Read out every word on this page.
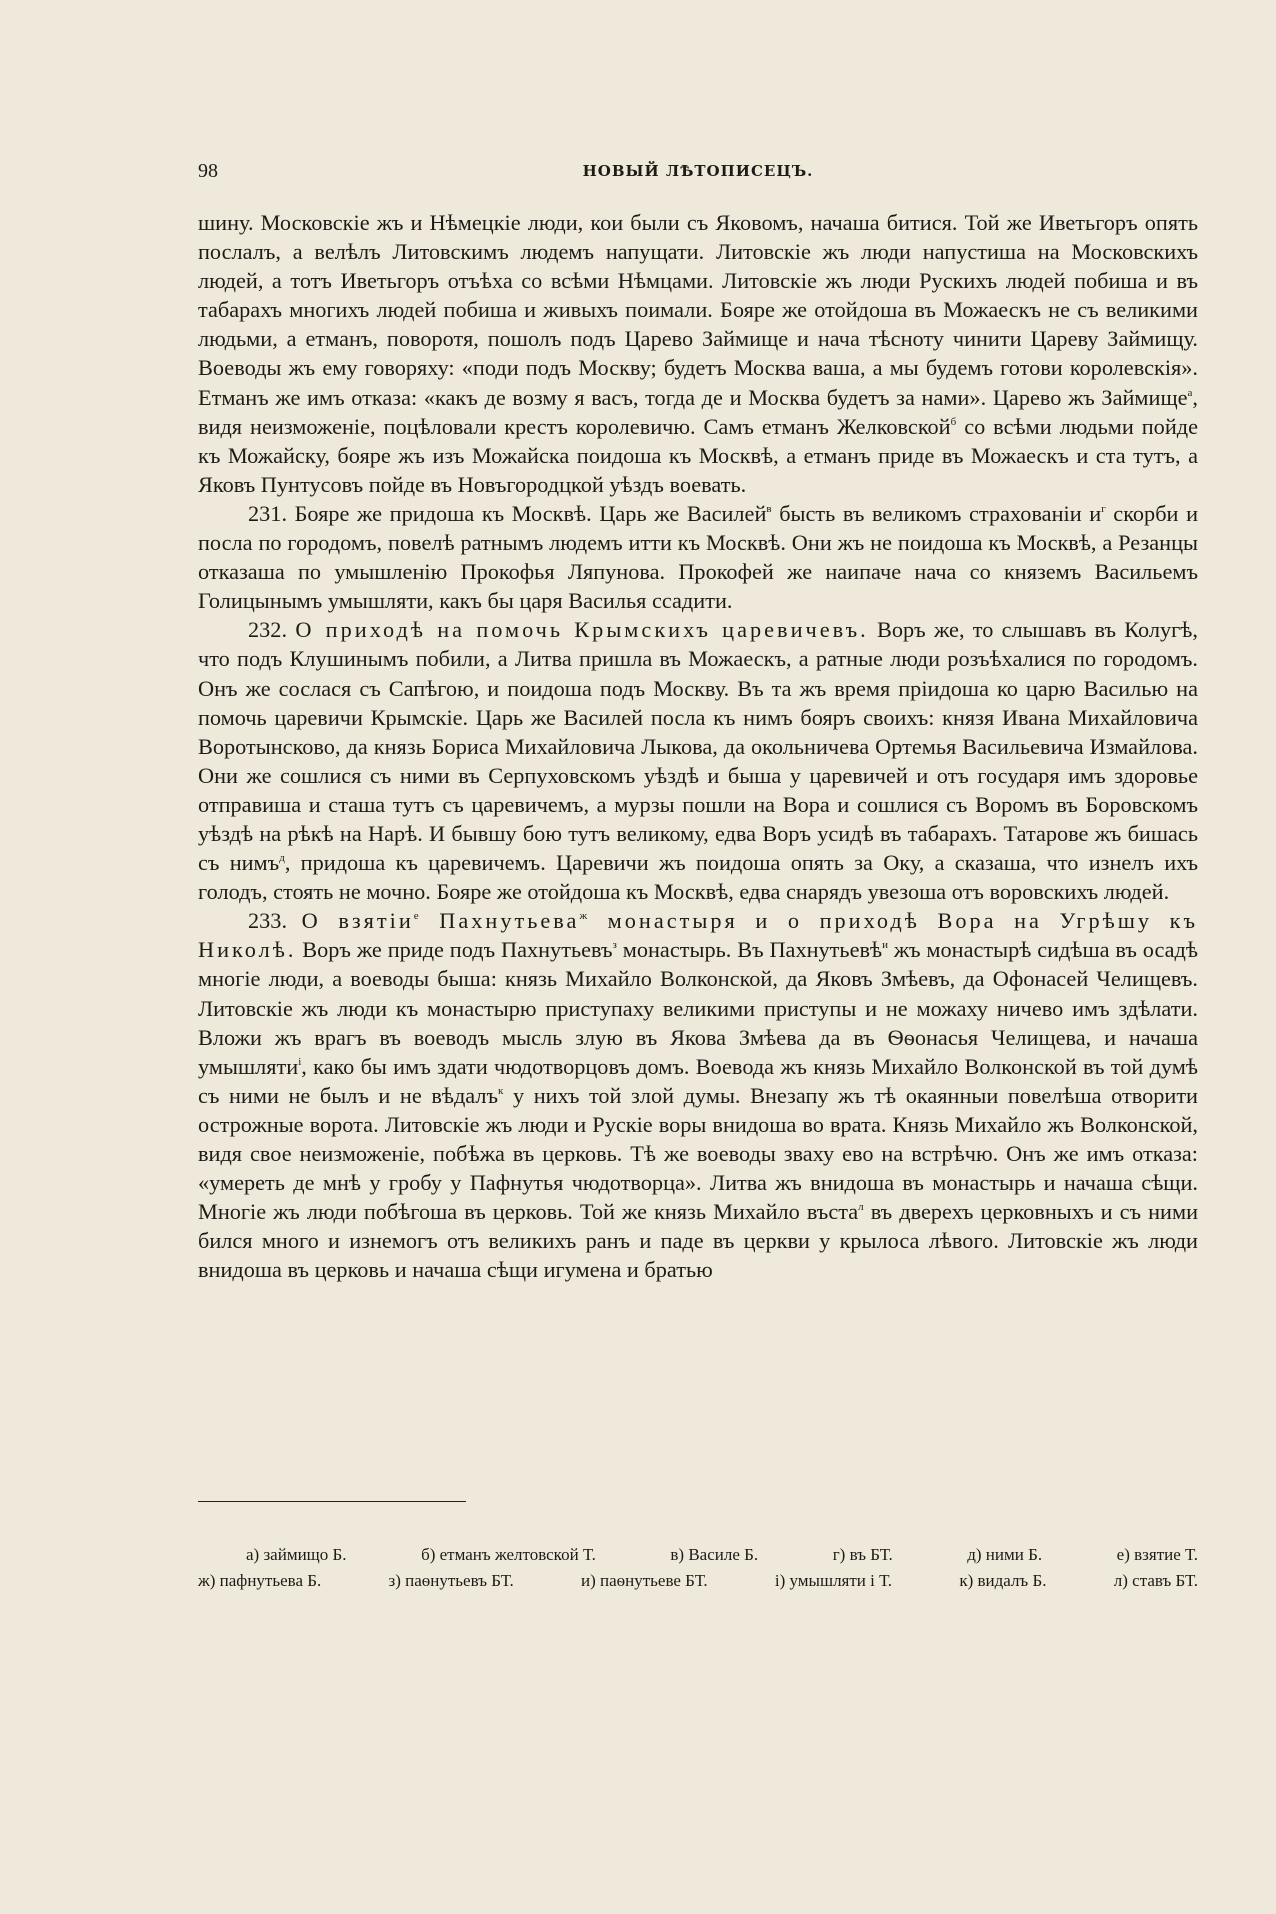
98	НОВЫЙ ЛѢТОПИСЕЦЪ.

шину. Московскіе жъ и Нѣмецкіе люди, кои были съ Яковомъ, начаша битися. Той же Иветьгоръ опять послалъ, а велѣлъ Литовскимъ людемъ напущати. Литовскіе жъ люди напустиша на Московскихъ людей, а тотъ Иветьгоръ отъѣха со всѣми Нѣмцами. Литовскіе жъ люди Рускихъ людей побиша и въ табарахъ многихъ людей побиша и живыхъ поимали. Бояре же отойдоша въ Можаескъ не съ великими людьми, а етманъ, поворотя, пошолъ подъ Царево Займище и нача тѣсноту чинити Цареву Займищу. Воеводы жъ ему говоряху: «поди подъ Москву; будетъ Москва ваша, а мы будемъ готови королевскія». Етманъ же имъ отказа: «какъ де возму я васъ, тогда де и Москва будетъ за нами». Царево жъ Займище$^а$, видя неизможеніе, поцѣловали крестъ королевичю. Самъ етманъ Желковской$^б$ со всѣми людьми пойде къ Можайску, бояре жъ изъ Можайска поидоша къ Москвѣ, а етманъ приде въ Можаескъ и ста тутъ, а Яковъ Пунтусовъ пойде въ Новъгородцкой уѣздъ воевать.

231. Бояре же придоша къ Москвѣ. Царь же Василей$^в$ бысть въ великомъ страхованіи $и^г$ скорби и посла по городомъ, повелѣ ратнымъ людемъ итти къ Москвѣ. Они жъ не поидоша къ Москвѣ, а Резанцы отказаша по умышленію Прокофья Ляпунова. Прокофей же наипаче нача со княземъ Васильемъ Голицынымъ умышляти, какъ бы царя Василья ссадити.

232. О приходѣ на помочь Крымскихъ царевичевъ. Воръ же, то слышавъ въ Колугѣ, что подъ Клушинымъ побили, а Литва пришла въ Можаескъ, а ратные люди розъѣхалися по городомъ. Онъ же сослася съ Сапѣгою, и поидоша подъ Москву. Въ та жъ время пріидоша ко царю Василью на помочь царевичи Крымскіе. Царь же Василей посла къ нимъ бояръ своихъ: князя Ивана Михайловича Воротынсково, да князь Бориса Михайловича Лыкова, да окольничева Ортемья Васильевича Измайлова. Они же сошлися съ ними въ Серпуховскомъ уѣздѣ и быша у царевичей и отъ государя имъ здоровье отправиша и сташа тутъ съ царевичемъ, а мурзы пошли на Вора и сошлися съ Воромъ въ Боровскомъ уѣздѣ на рѣкѣ на Нарѣ. И бывшу бою тутъ великому, едва Воръ усидѣ въ табарахъ. Татарове жъ бишась съ нимъ$^д$, придоша къ царевичемъ. Царевичи жъ поидоша опять за Оку, а сказаша, что изнелъ ихъ голодъ, стоять не мочно. Бояре же отойдоша къ Москвѣ, едва снарядъ увезоша отъ воровскихъ людей.

233. О взятіи$^е$ Пахнутьева$^ж$ монастыря и о приходѣ Вора на Угрѣшу къ Николѣ. Воръ же приде подъ Пахнутьевъ$^з$ монастырь. Въ Пахнутьевѣ$^и$ жъ монастырѣ сидѣша въ осадѣ многіе люди, а воеводы быша: князь Михайло Волконской, да Яковъ Змѣевъ, да Офонасей Челищевъ. Литовскіе жъ люди къ монастырю приступаху великими приступы и не можаху ничево имъ здѣлати. Вложи жъ врагъ въ воеводъ мысль злую въ Якова Змѣева да въ Ѳѳонасья Челищева, и начаша умышляти$^і$, како бы имъ здати чюдотворцовъ домъ. Воевода жъ князь Михайло Волконской въ той думѣ съ ними не былъ и не вѣдалъ$^к$ у нихъ той злой думы. Внезапу жъ тѣ окаянныи повелѣша отворити острожные ворота. Литовскіе жъ люди и Рускіе воры внидоша во врата. Князь Михайло жъ Волконской, видя свое неизможеніе, побѣжа въ церковь. Тѣ же воеводы зваху ево на встрѣчю. Онъ же имъ отказа: «умереть де мнѣ у гробу у Пафнутья чюдотворца». Литва жъ внидоша въ монастырь и начаша сѣщи. Многіе жъ люди побѣгоша въ церковь. Той же князь Михайло въста$^л$ въ дверехъ церковныхъ и съ ними бился много и изнемогъ отъ великихъ ранъ и паде въ церкви у крылоса лѣвого. Литовскіе жъ люди внидоша въ церковь и начаша сѣщи игумена и братью

а) займищо Б.	б) етманъ желтовской Т.	в) Василе Б.	г) въ БТ.	д) ними Б.	е) взятие Т.
ж) пафнутьева Б.	з) паѳнутьевъ БТ.	и) паѳнутьеве БТ.	і) умышляти і Т.	к) видалъ Б.	л) ставъ БТ.
